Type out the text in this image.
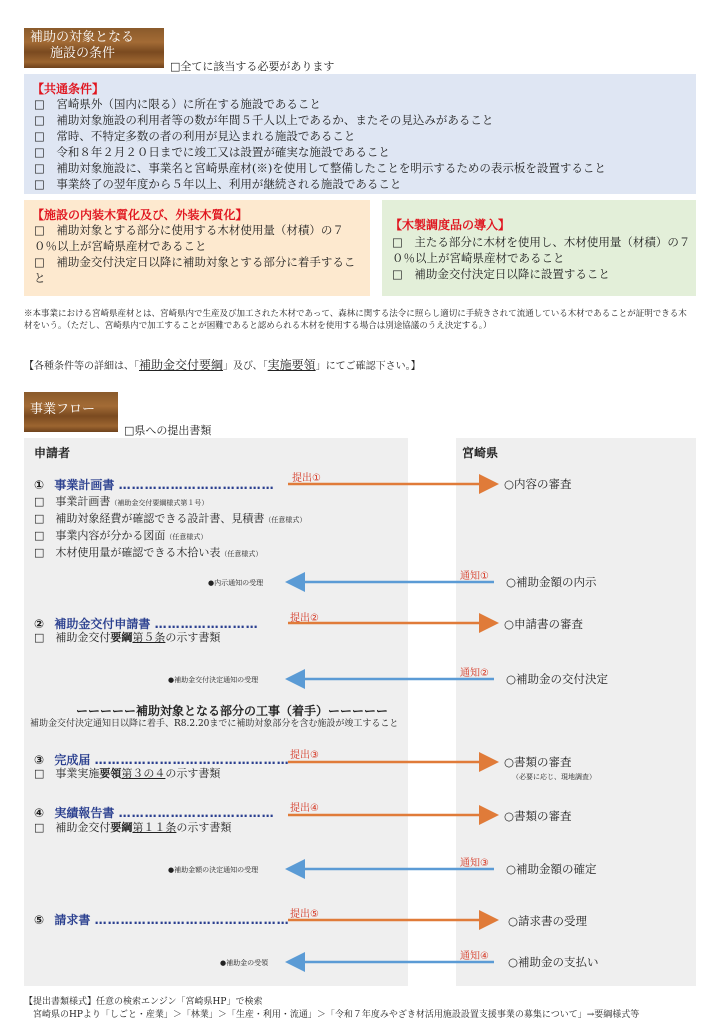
補助の対象となる
施設の条件
□全てに該当する必要があります
【共通条件】
□　宮崎県外（国内に限る）に所在する施設であること
□　補助対象施設の利用者等の数が年間５千人以上であるか、またその見込みがあること
□　常時、不特定多数の者の利用が見込まれる施設であること
□　令和８年２月２０日までに竣工又は設置が確実な施設であること
□　補助対象施設に、事業名と宮崎県産材(※)を使用して整備したことを明示するための表示板を設置すること
□　事業終了の翌年度から５年以上、利用が継続される施設であること
【施設の内装木質化及び、外装木質化】
□　補助対象とする部分に使用する木材使用量（材積）の７０％以上が宮崎県産材であること
□　補助金交付決定日以降に補助対象とする部分に着手すること
【木製調度品の導入】
□　主たる部分に木材を使用し、木材使用量（材積）の７０％以上が宮崎県産材であること
□　補助金交付決定日以降に設置すること
※本事業における宮崎県産材とは、宮崎県内で生産及び加工された木材であって、森林に関する法令に照らし適切に手続きされて流通している木材であることが証明できる木材をいう。（ただし、宮崎県内で加工することが困難であると認められる木材を使用する場合は別途協議のうえ決定する。）
【各種条件等の詳細は、「補助金交付要綱」及び、「実施要領」にてご確認下さい。】
事業フロー
□県への提出書類
申請者	宮崎県
① 事業計画書 ……………………………… 提出①	○内容の審査
□　事業計画書（補助金交付要綱様式第１号）
□　補助対象経費が確認できる設計書、見積書（任意様式）
□　事業内容が分かる図面（任意様式）
□　木材使用量が確認できる木拾い表（任意様式）
通知①
●内示通知の受理	○補助金額の内示
② 補助金交付申請書 ……………………	提出②	○申請書の審査
□　補助金交付要綱第５条の示す書類
通知②
●補助金交付決定通知の受理	○補助金の交付決定
ーーーーー補助対象となる部分の工事（着手）ーーーーー
補助金交付決定通知日以降に着手、R8.2.20までに補助対象部分を含む施設が竣工すること
③ 完成届 ……………………………………… 提出③	○書類の審査
（必要に応じ、現地調査）
□　事業実施要領第３の４の示す書類
④ 実績報告書 ……………………………… 提出④
○書類の審査
□　補助金交付要綱第１１条の示す書類
通知③
●補助金額の決定通知の受理	○補助金額の確定
⑤ 請求書 ……………………………………… 提出⑤	○請求書の受理
通知④
●補助金の受領	○補助金の支払い
【提出書類様式】任意の検索エンジン「宮崎県HP」で検索
　宮崎県のHPより「しごと・産業」＞「林業」＞「生産・利用・流通」＞「令和７年度みやざき材活用施設設置支援事業の募集について」→要綱様式等
